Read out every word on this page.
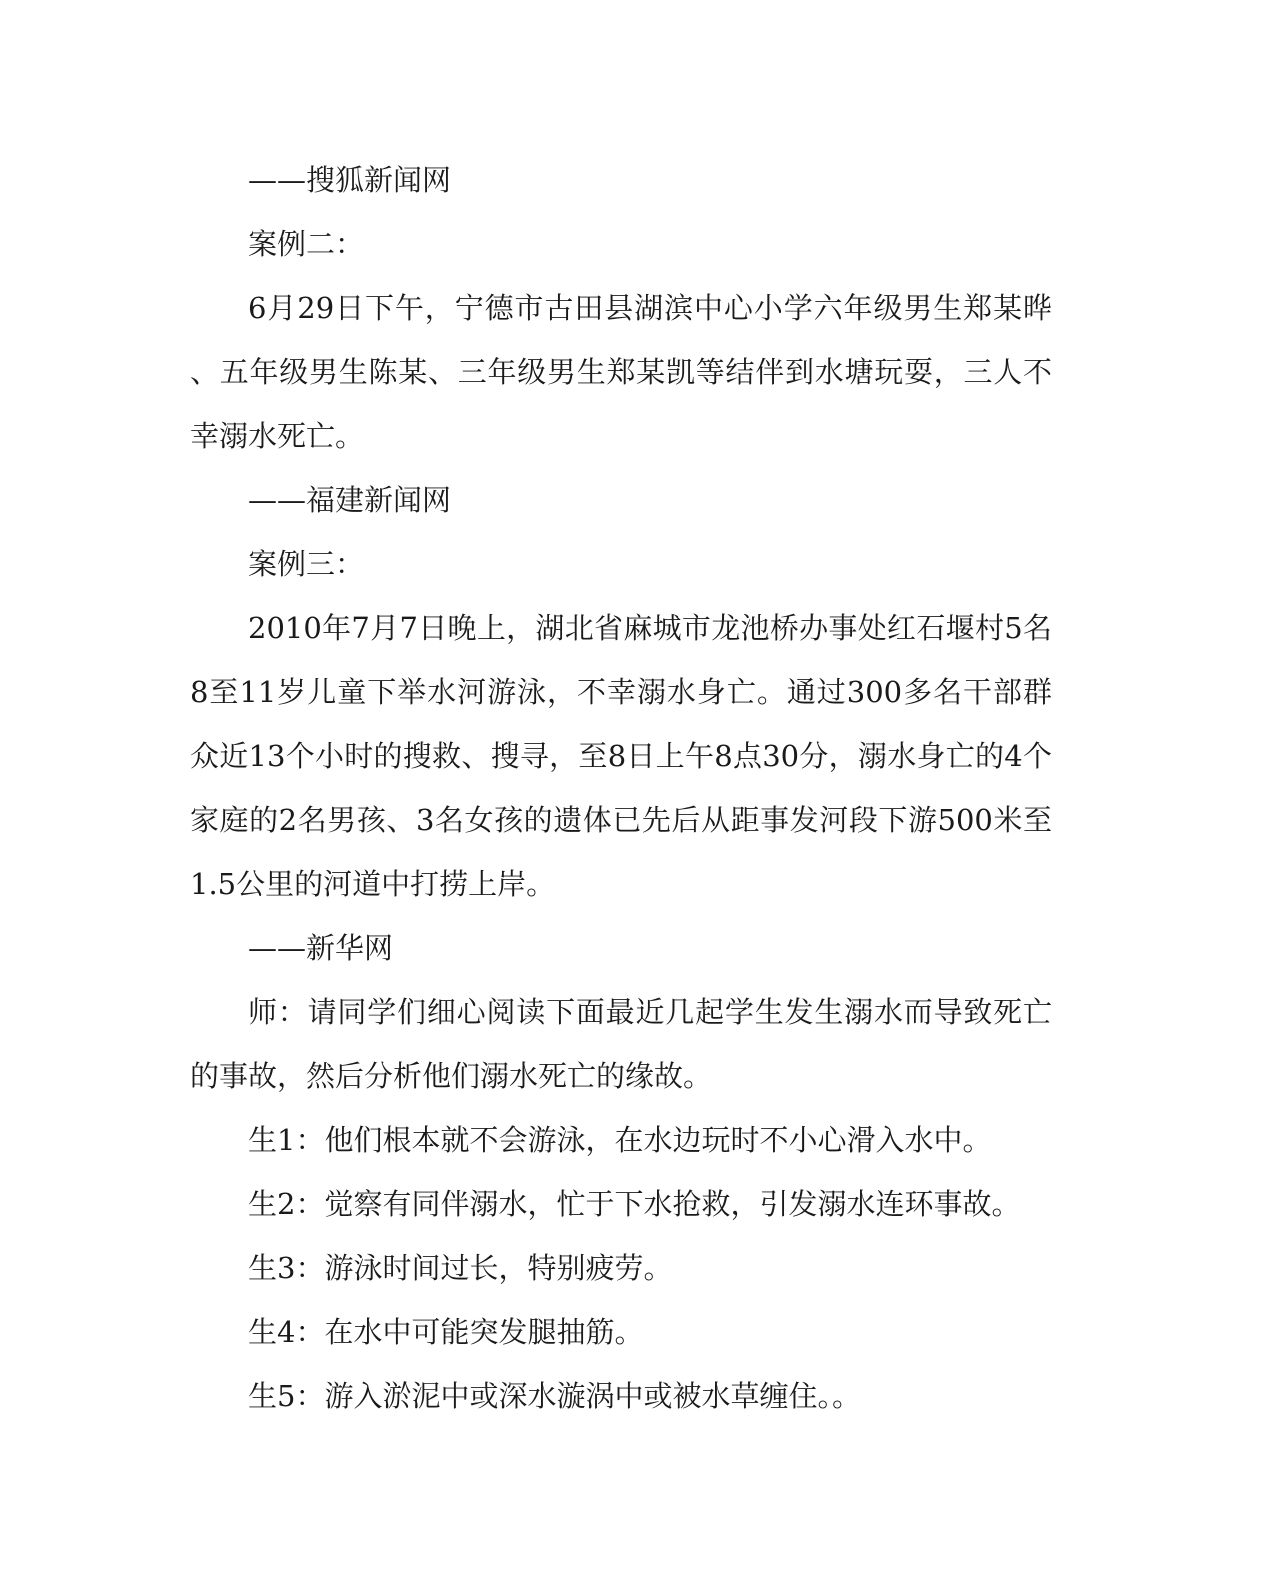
——搜狐新闻网

案例二：

6月29日下午，宁德市古田县湖滨中心小学六年级男生郑某晔、五年级男生陈某、三年级男生郑某凯等结伴到水塘玩耍，三人不幸溺水死亡。

——福建新闻网

案例三：

2010年7月7日晚上，湖北省麻城市龙池桥办事处红石堰村5名8至11岁儿童下举水河游泳，不幸溺水身亡。通过300多名干部群众近13个小时的搜救、搜寻，至8日上午8点30分，溺水身亡的4个家庭的2名男孩、3名女孩的遗体已先后从距事发河段下游500米至1.5公里的河道中打捞上岸。

——新华网

师：请同学们细心阅读下面最近几起学生发生溺水而导致死亡的事故，然后分析他们溺水死亡的缘故。

生1：他们根本就不会游泳，在水边玩时不小心滑入水中。

生2：觉察有同伴溺水，忙于下水抢救，引发溺水连环事故。

生3：游泳时间过长，特别疲劳。

生4：在水中可能突发腿抽筋。

生5：游入淤泥中或深水漩涡中或被水草缠住。。
